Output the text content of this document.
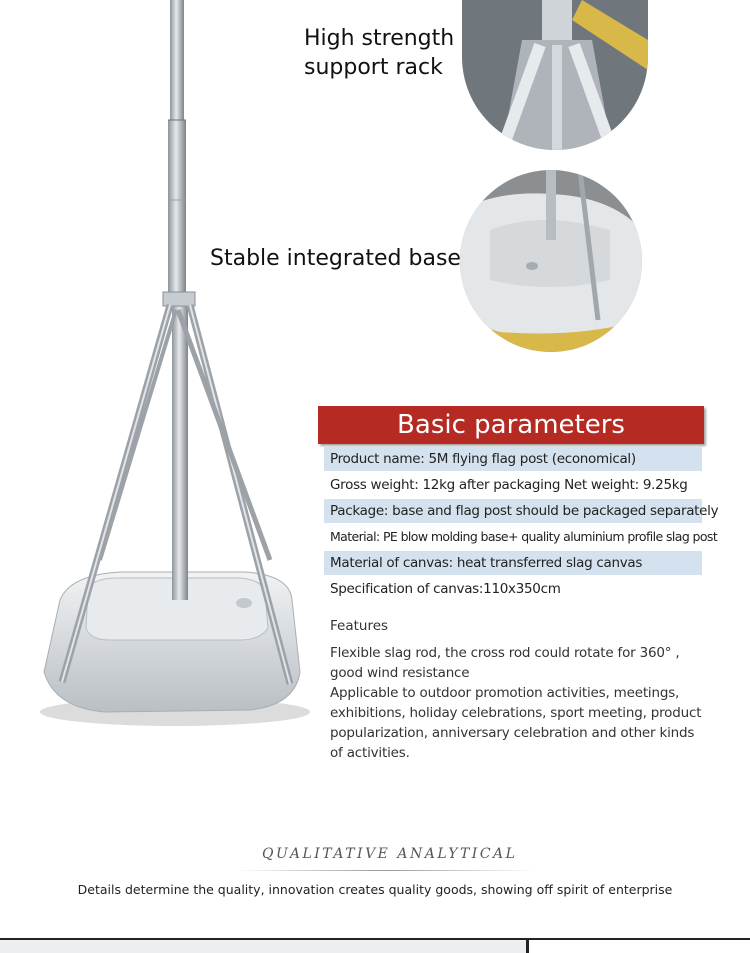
High strength
support rack
Stable integrated base
Basic parameters
Product name: 5M flying flag post (economical)
Gross weight: 12kg after packaging Net weight: 9.25kg
Package: base and flag post should be packaged separately
Material: PE blow molding base+ quality aluminium profile slag post
Material of canvas: heat transferred slag canvas
Specification of canvas:110x350cm
Features
Flexible slag rod, the cross rod could rotate for 360° ,
good wind resistance
Applicable to outdoor promotion activities, meetings,
exhibitions, holiday celebrations, sport meeting, product
popularization, anniversary celebration and other kinds
of activities.
QUALITATIVE ANALYTICAL
Details determine the quality, innovation creates quality goods, showing off spirit of enterprise
